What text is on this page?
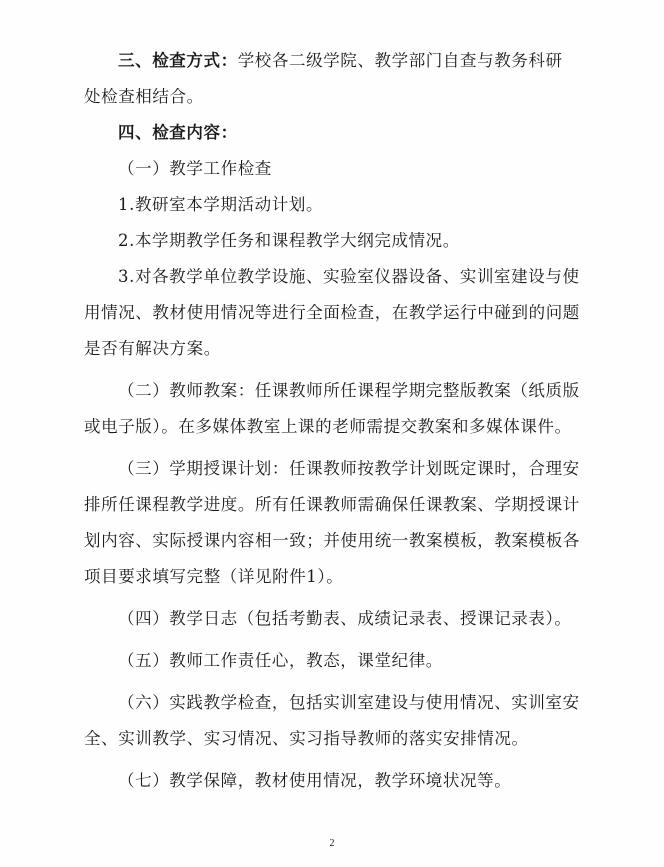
三、检查方式：学校各二级学院、教学部门自查与教务科研
处检查相结合。
四、检查内容：
（一）教学工作检查
1.教研室本学期活动计划。
2.本学期教学任务和课程教学大纲完成情况。
3.对各教学单位教学设施、实验室仪器设备、实训室建设与使
用情况、教材使用情况等进行全面检查，在教学运行中碰到的问题
是否有解决方案。
（二）教师教案：任课教师所任课程学期完整版教案（纸质版
或电子版）。在多媒体教室上课的老师需提交教案和多媒体课件。
（三）学期授课计划：任课教师按教学计划既定课时，合理安
排所任课程教学进度。所有任课教师需确保任课教案、学期授课计
划内容、实际授课内容相一致；并使用统一教案模板，教案模板各
项目要求填写完整（详见附件1）。
（四）教学日志（包括考勤表、成绩记录表、授课记录表）。
（五）教师工作责任心，教态，课堂纪律。
（六）实践教学检查，包括实训室建设与使用情况、实训室安
全、实训教学、实习情况、实习指导教师的落实安排情况。
（七）教学保障，教材使用情况，教学环境状况等。
2
